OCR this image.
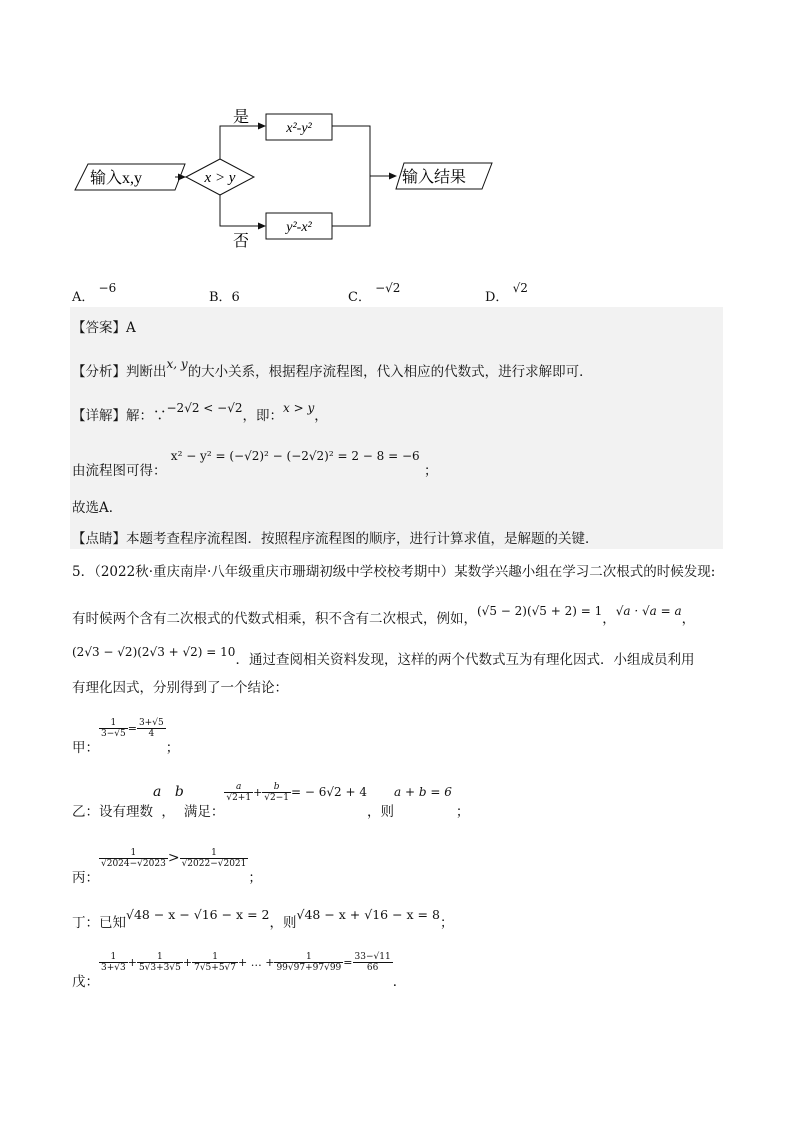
输入x,y	x > y
是
否
x²-y²
y²-x²
输入结果
A． −6
B．6	C． −√2
D． √2
【答案】A
【分析】判断出x, y的大小关系，根据程序流程图，代入相应的代数式，进行求解即可．
【详解】解：∵−2√2 < −√2，即：x > y，
由流程图可得： x² − y² = (−√2)² − (−2√2)² = 2 − 8 = −6 ；
故选A．
【点睛】本题考查程序流程图．按照程序流程图的顺序，进行计算求值，是解题的关键．
5．（2022秋·重庆南岸·八年级重庆市珊瑚初级中学校校考期中）某数学兴趣小组在学习二次根式的时候发现:
有时候两个含有二次根式的代数式相乘，积不含有二次根式，例如，(√5 − 2)(√5 + 2) = 1，√a · √a = a，
(2√3 − √2)(2√3 + √2) = 10．通过查阅相关资料发现，这样的两个代数式互为有理化因式．小组成员利用
有理化因式，分别得到了一个结论：
甲：
$\frac{1}{3-√5} = \frac{3+√5}{4}$
；
乙：设有理数a，b满足：
$\frac{a}{√2+1} + \frac{b}{√2-1}$ = − 6√2 + 4，则a + b = 6；
丙：
$\frac{1}{√2024-√2023} > \frac{1}{√2022-√2021}$
；
丁：已知√48 − x − √16 − x = 2，则√48 − x + √16 − x = 8；
戊：
$\frac{1}{3+√3} + \frac{1}{5√3+3√5} + \frac{1}{7√5+5√7}$ + … + $\frac{1}{99√97+97√99} = \frac{33-√11}{66}$
．
